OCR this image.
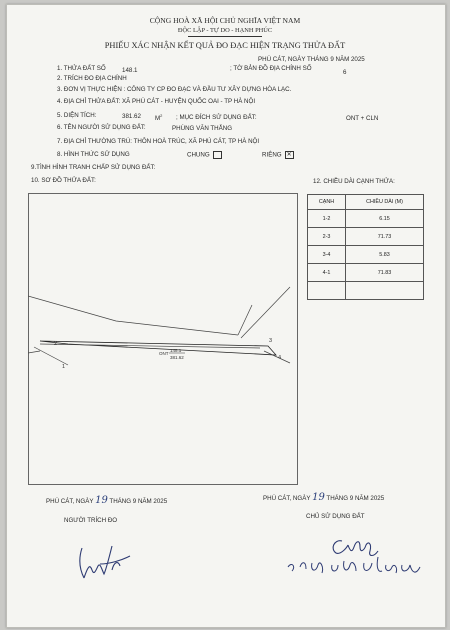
CỘNG HOÀ XÃ HỘI CHỦ NGHĨA VIỆT NAM
ĐỘC LẬP - TỰ DO - HẠNH PHÚC
PHIẾU XÁC NHẬN KẾT QUẢ ĐO ĐẠC HIỆN TRẠNG THỬA ĐẤT
PHÚ CÁT, NGÀY THÁNG 9 NĂM 2025
1. THỬA ĐẤT SỐ	148.1	; TỜ BẢN ĐỒ ĐỊA CHÍNH SỐ
6
2. TRÍCH ĐO ĐỊA CHÍNH
3. ĐƠN VỊ THỰC HIỆN : CÔNG TY CP ĐO ĐẠC VÀ ĐẦU TƯ XÂY DỰNG HÒA LẠC.
4. ĐỊA CHỈ THỬA ĐẤT: XÃ PHÚ CÁT - HUYỆN QUỐC OAI - TP HÀ NỘI
5. DIỆN TÍCH:	381.62 $M^2$ ; MỤC ĐÍCH SỬ DỤNG ĐẤT:	ONT + CLN
6. TÊN NGƯỜI SỬ DỤNG ĐẤT:	PHÙNG VĂN THẮNG
7. ĐỊA CHỈ THƯỜNG TRÚ: THÔN HOÀ TRÚC, XÃ PHÚ CÁT, TP HÀ NỘI
8. HÌNH THỨC SỬ DỤNG	CHUNG	RIÊNG ✕
9.TÌNH HÌNH TRANH CHẤP SỬ DỤNG ĐẤT:
10. SƠ ĐỒ THỬA ĐẤT:	12. CHIỀU DÀI CẠNH THỬA:
CẠNH	CHIỀU DÀI (M)
1-2	6.15
2-3	71.73
3-4	5.83
4-1	71.83

1
2	3
4
148.1
ONT
381.62
PHÚ CÁT, NGÀY 19 THÁNG 9 NĂM 2025
NGƯỜI TRÍCH ĐO
PHÚ CÁT, NGÀY 19 THÁNG 9 NĂM 2025
CHỦ SỬ DỤNG ĐẤT
